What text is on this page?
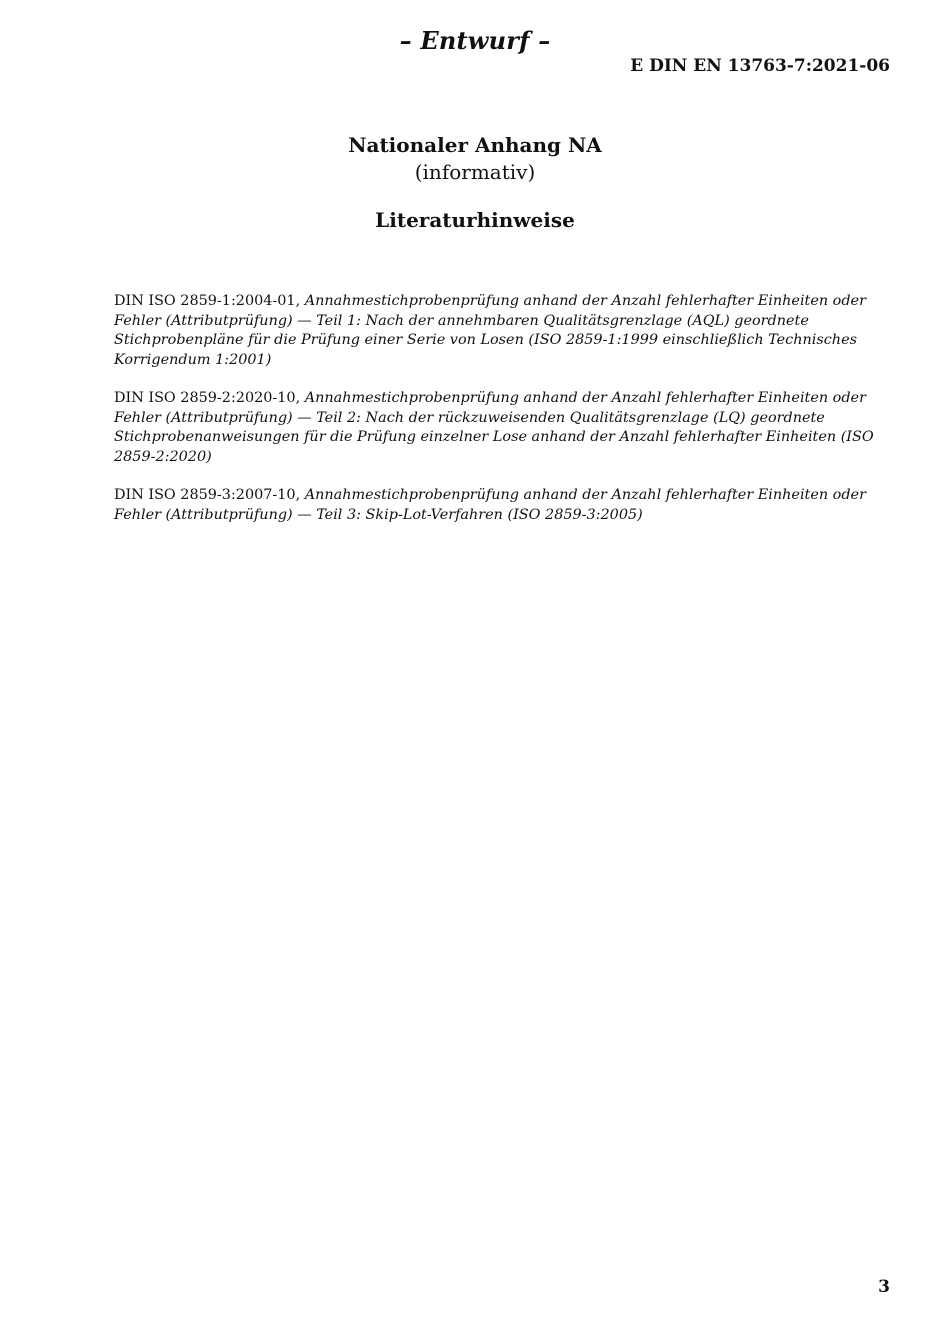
– Entwurf –
E DIN EN 13763-7:2021-06
Nationaler Anhang NA
(informativ)
Literaturhinweise

DIN ISO 2859-1:2004-01, Annahmestichprobenprüfung anhand der Anzahl fehlerhafter Einheiten oder Fehler (Attributprüfung) — Teil 1: Nach der annehmbaren Qualitätsgrenzlage (AQL) geordnete Stichprobenpläne für die Prüfung einer Serie von Losen (ISO 2859-1:1999 einschließlich Technisches Korrigendum 1:2001)

DIN ISO 2859-2:2020-10, Annahmestichprobenprüfung anhand der Anzahl fehlerhafter Einheiten oder Fehler (Attributprüfung) — Teil 2: Nach der rückzuweisenden Qualitätsgrenzlage (LQ) geordnete Stichprobenanweisungen für die Prüfung einzelner Lose anhand der Anzahl fehlerhafter Einheiten (ISO 2859-2:2020)

DIN ISO 2859-3:2007-10, Annahmestichprobenprüfung anhand der Anzahl fehlerhafter Einheiten oder Fehler (Attributprüfung) — Teil 3: Skip-Lot-Verfahren (ISO 2859-3:2005)

3
